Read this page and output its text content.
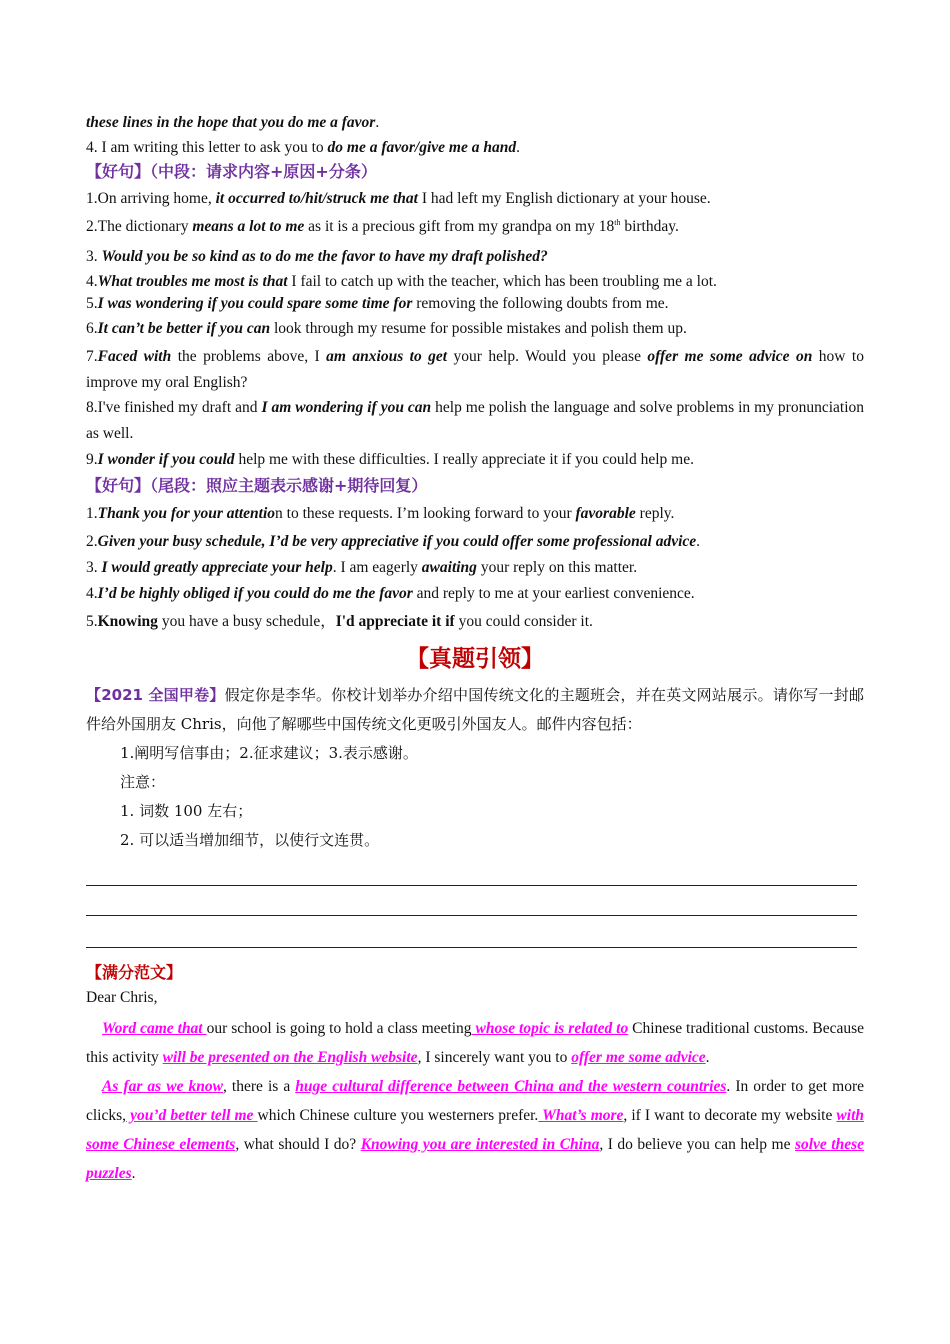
these lines in the hope that you do me a favor.
4. I am writing this letter to ask you to do me a favor/give me a hand.
【好句】（中段：请求内容+原因+分条）
1.On arriving home, it occurred to/hit/struck me that I had left my English dictionary at your house.
2.The dictionary means a lot to me as it is a precious gift from my grandpa on my 18th birthday.
3. Would you be so kind as to do me the favor to have my draft polished?
4.What troubles me most is that I fail to catch up with the teacher, which has been troubling me a lot.
5.I was wondering if you could spare some time for removing the following doubts from me.
6.It can’t be better if you can look through my resume for possible mistakes and polish them up.
7.Faced with the problems above, I am anxious to get your help. Would you please offer me some advice on how to improve my oral English?
8.I've finished my draft and I am wondering if you can help me polish the language and solve problems in my pronunciation as well.
9.I wonder if you could help me with these difficulties. I really appreciate it if you could help me.
【好句】（尾段：照应主题表示感谢+期待回复）
1.Thank you for your attention to these requests. I’m looking forward to your favorable reply.
2.Given your busy schedule, I’d be very appreciative if you could offer some professional advice.
3. I would greatly appreciate your help. I am eagerly awaiting your reply on this matter.
4.I’d be highly obliged if you could do me the favor and reply to me at your earliest convenience.
5.Knowing you have a busy schedule，I'd appreciate it if you could consider it.
【真题引领】
【2021 全国甲卷】假定你是李华。你校计划举办介绍中国传统文化的主题班会，并在英文网站展示。请你写一封邮件给外国朋友 Chris，向他了解哪些中国传统文化更吸引外国友人。邮件内容包括：
1.阐明写信事由；2.征求建议；3.表示感谢。
注意：
1. 词数 100 左右；
2. 可以适当增加细节，以使行文连贯。
【满分范文】
Dear Chris,
Word came that our school is going to hold a class meeting whose topic is related to Chinese traditional customs. Because this activity will be presented on the English website, I sincerely want you to offer me some advice.
As far as we know, there is a huge cultural difference between China and the western countries. In order to get more clicks, you’d better tell me which Chinese culture you westerners prefer. What’s more, if I want to decorate my website with some Chinese elements, what should I do? Knowing you are interested in China, I do believe you can help me solve these puzzles.
